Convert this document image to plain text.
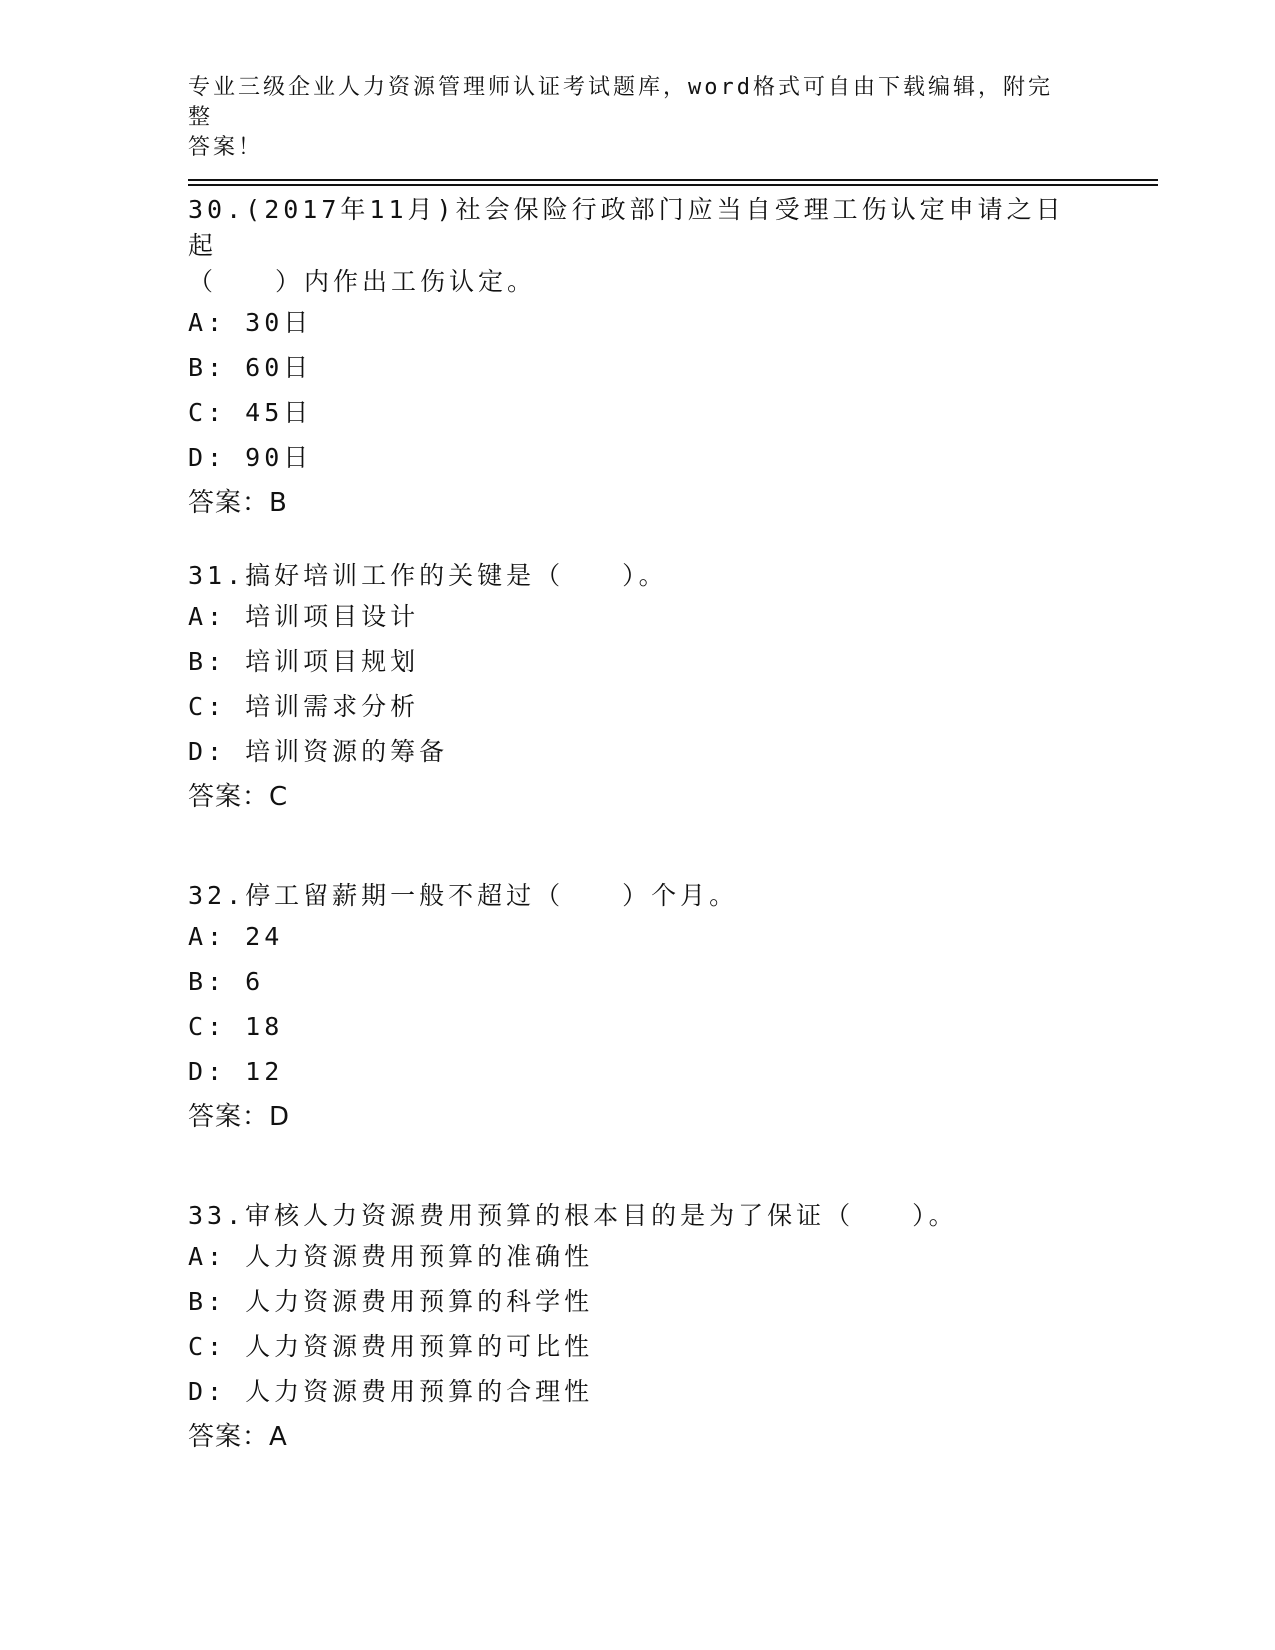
专业三级企业人力资源管理师认证考试题库，word格式可自由下载编辑，附完整
答案！
30.(2017年11月)社会保险行政部门应当自受理工伤认定申请之日起
（　　）内作出工伤认定。
A: 30日
B: 60日
C: 45日
D: 90日
答案：B
31.搞好培训工作的关键是（　　）。
A: 培训项目设计
B: 培训项目规划
C: 培训需求分析
D: 培训资源的筹备
答案：C
32.停工留薪期一般不超过（　　）个月。
A: 24
B: 6
C: 18
D: 12
答案：D
33.审核人力资源费用预算的根本目的是为了保证（　　）。
A: 人力资源费用预算的准确性
B: 人力资源费用预算的科学性
C: 人力资源费用预算的可比性
D: 人力资源费用预算的合理性
答案：A
